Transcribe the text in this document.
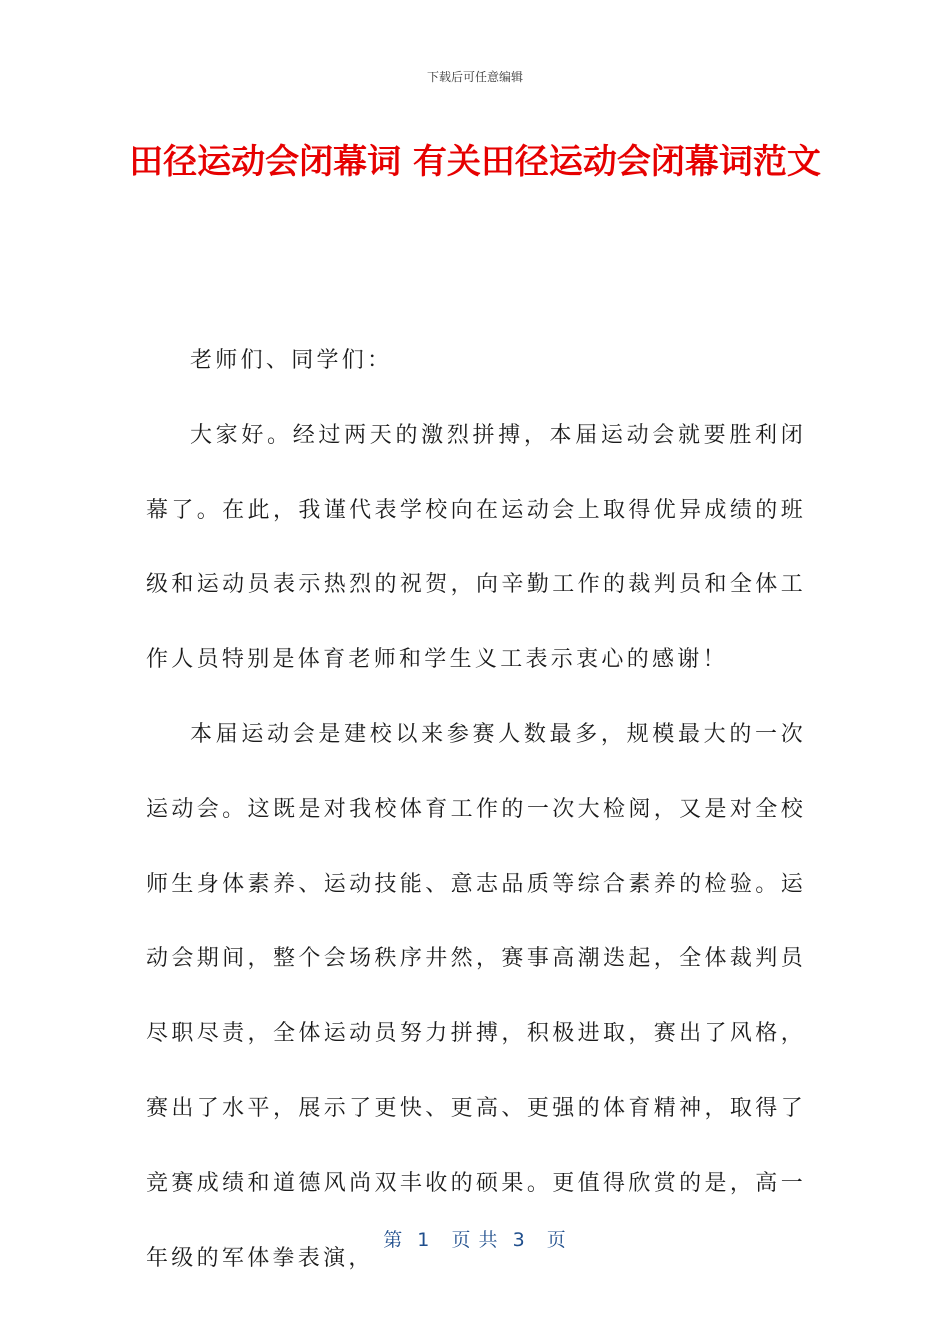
下载后可任意编辑
田径运动会闭幕词 有关田径运动会闭幕词范文

老师们、同学们：

大家好。经过两天的激烈拼搏，本届运动会就要胜利闭幕了。在此，我谨代表学校向在运动会上取得优异成绩的班级和运动员表示热烈的祝贺，向辛勤工作的裁判员和全体工作人员特别是体育老师和学生义工表示衷心的感谢！

本届运动会是建校以来参赛人数最多，规模最大的一次运动会。这既是对我校体育工作的一次大检阅，又是对全校师生身体素养、运动技能、意志品质等综合素养的检验。运动会期间，整个会场秩序井然，赛事高潮迭起，全体裁判员尽职尽责，全体运动员努力拼搏，积极进取，赛出了风格，赛出了水平，展示了更快、更高、更强的体育精神，取得了竞赛成绩和道德风尚双丰收的硕果。更值得欣赏的是，高一年级的军体拳表演，

第  1   页 共  3   页
